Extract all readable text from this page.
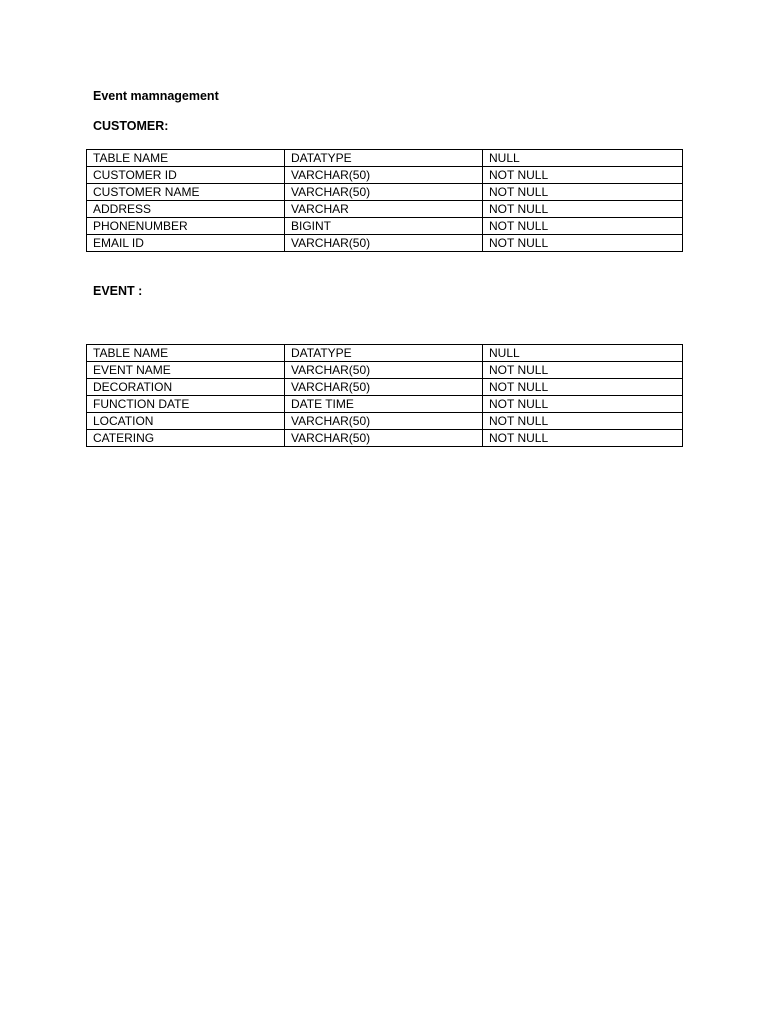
Event mamnagement
CUSTOMER:
TABLE NAME	DATATYPE	NULL
CUSTOMER ID	VARCHAR(50)	NOT NULL
CUSTOMER NAME	VARCHAR(50)	NOT NULL
ADDRESS	VARCHAR	NOT NULL
PHONENUMBER	BIGINT	NOT NULL
EMAIL ID	VARCHAR(50)	NOT NULL
EVENT :
TABLE NAME	DATATYPE	NULL
EVENT NAME	VARCHAR(50)	NOT NULL
DECORATION	VARCHAR(50)	NOT NULL
FUNCTION DATE	DATE TIME	NOT NULL
LOCATION	VARCHAR(50)	NOT NULL
CATERING	VARCHAR(50)	NOT NULL
